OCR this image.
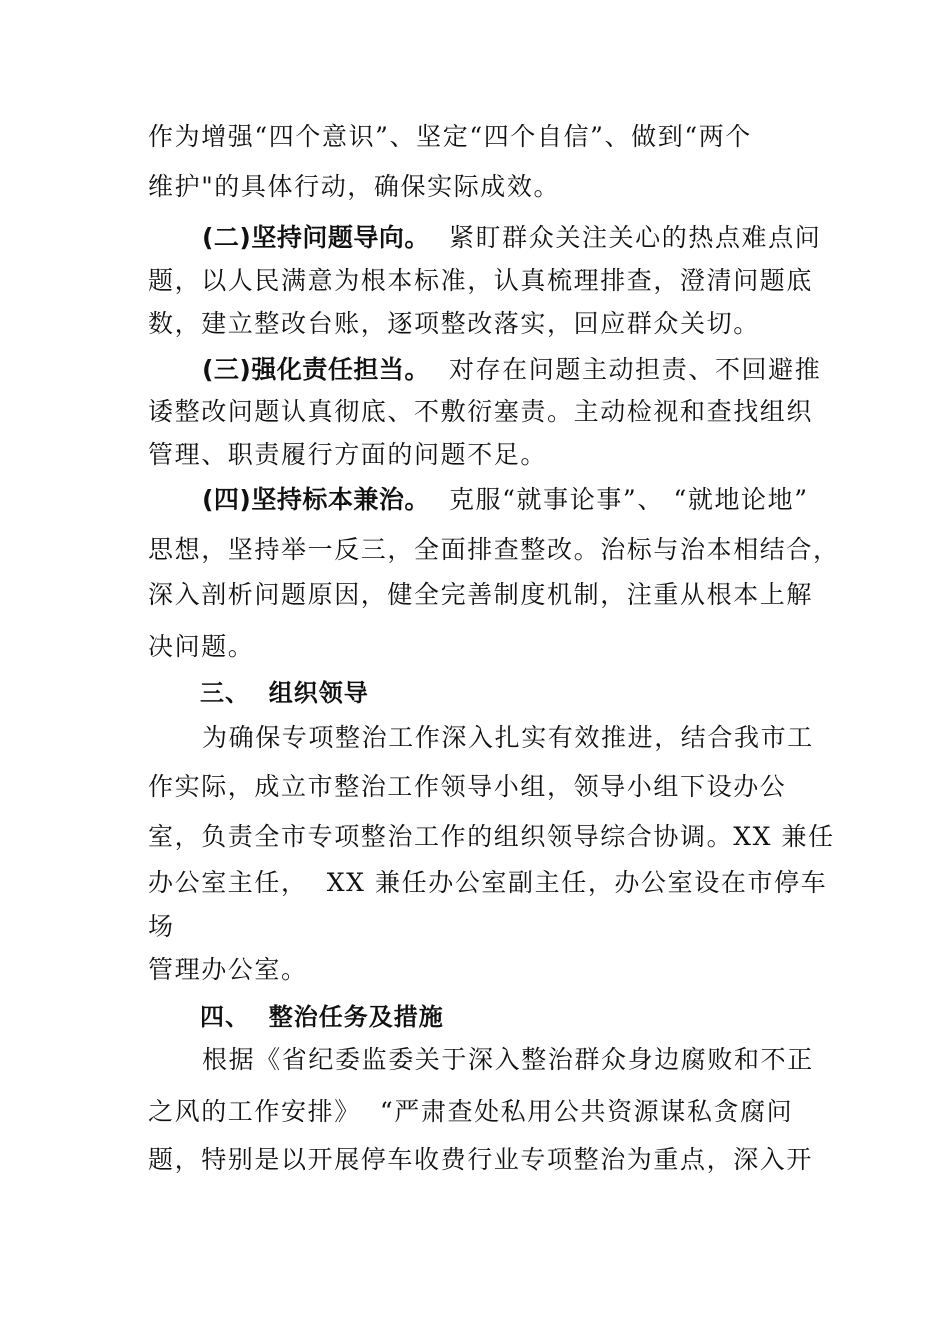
作为增强“四个意识”、坚定“四个自信”、做到“两个
维护"的具体行动，确保实际成效。
(二)坚持问题导向。  紧盯群众关注关心的热点难点问
题，以人民满意为根本标准，认真梳理排查，澄清问题底
数，建立整改台账，逐项整改落实，回应群众关切。
(三)强化责任担当。  对存在问题主动担责、不回避推
诿整改问题认真彻底、不敷衍塞责。主动检视和查找组织
管理、职责履行方面的问题不足。
(四)坚持标本兼治。  克服“就事论事”、 “就地论地”
思想，坚持举一反三，全面排查整改。治标与治本相结合，
深入剖析问题原因，健全完善制度机制，注重从根本上解
决问题。
三、  组织领导
为确保专项整治工作深入扎实有效推进，结合我市工
作实际，成立市整治工作领导小组，领导小组下设办公
室，负责全市专项整治工作的组织领导综合协调。XX 兼任
办公室主任，  XX 兼任办公室副主任，办公室设在市停车
场
管理办公室。
四、  整治任务及措施
根据《省纪委监委关于深入整治群众身边腐败和不正
之风的工作安排》  “严肃查处私用公共资源谋私贪腐问
题，特别是以开展停车收费行业专项整治为重点，深入开
